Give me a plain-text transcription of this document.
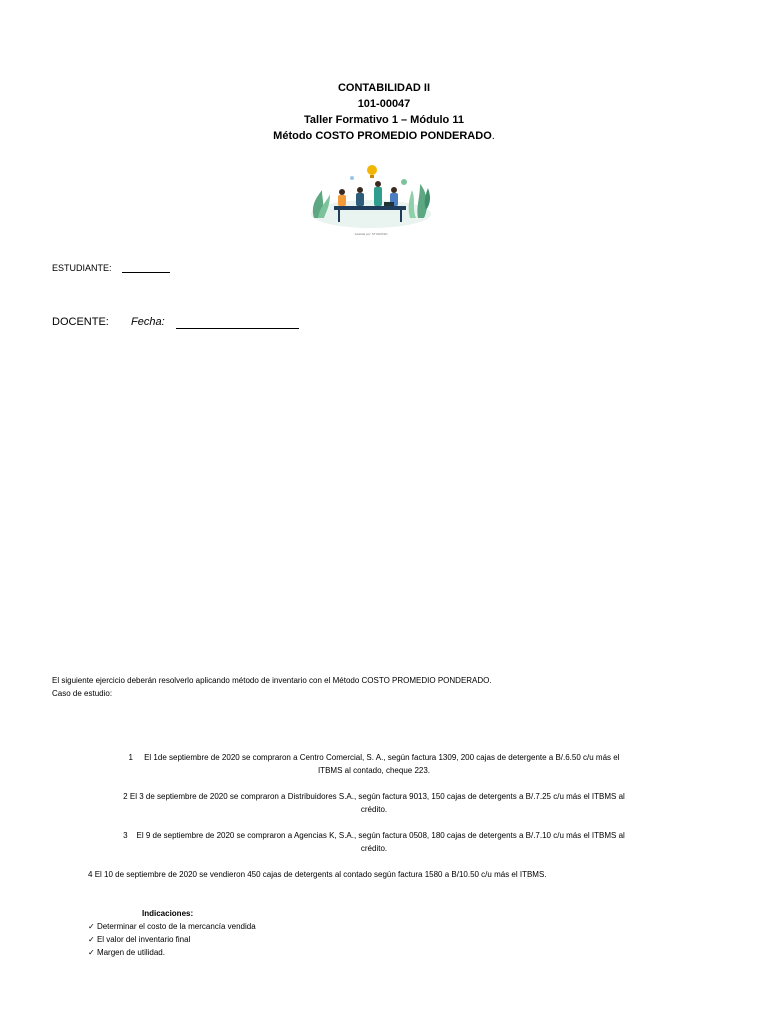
CONTABILIDAD II
101-00047
Taller Formativo 1 – Módulo 11
Método COSTO PROMEDIO PONDERADO.
Asistida por: STUDIOSD
ESTUDIANTE:
DOCENTE: Fecha:
El siguiente ejercicio deberán resolverlo aplicando método de inventario con el Método COSTO PROMEDIO PONDERADO.
Caso de estudio:
1 El 1de septiembre de 2020 se compraron a Centro Comercial, S. A., según factura 1309, 200 cajas de detergente a B/.6.50 c/u más el
ITBMS al contado, cheque 223.
2 El 3 de septiembre de 2020 se compraron a Distribuidores S.A., según factura 9013, 150 cajas de detergents a B/.7.25 c/u más el ITBMS al
crédito.
3 El 9 de septiembre de 2020 se compraron a Agencias K, S.A., según factura 0508, 180 cajas de detergents a B/.7.10 c/u más el ITBMS al
crédito.
4 El 10 de septiembre de 2020 se vendieron 450 cajas de detergents al contado según factura 1580 a B/10.50 c/u más el ITBMS.
Indicaciones:
✓ Determinar el costo de la mercancía vendida
✓ El valor del inventario final
✓ Margen de utilidad.
